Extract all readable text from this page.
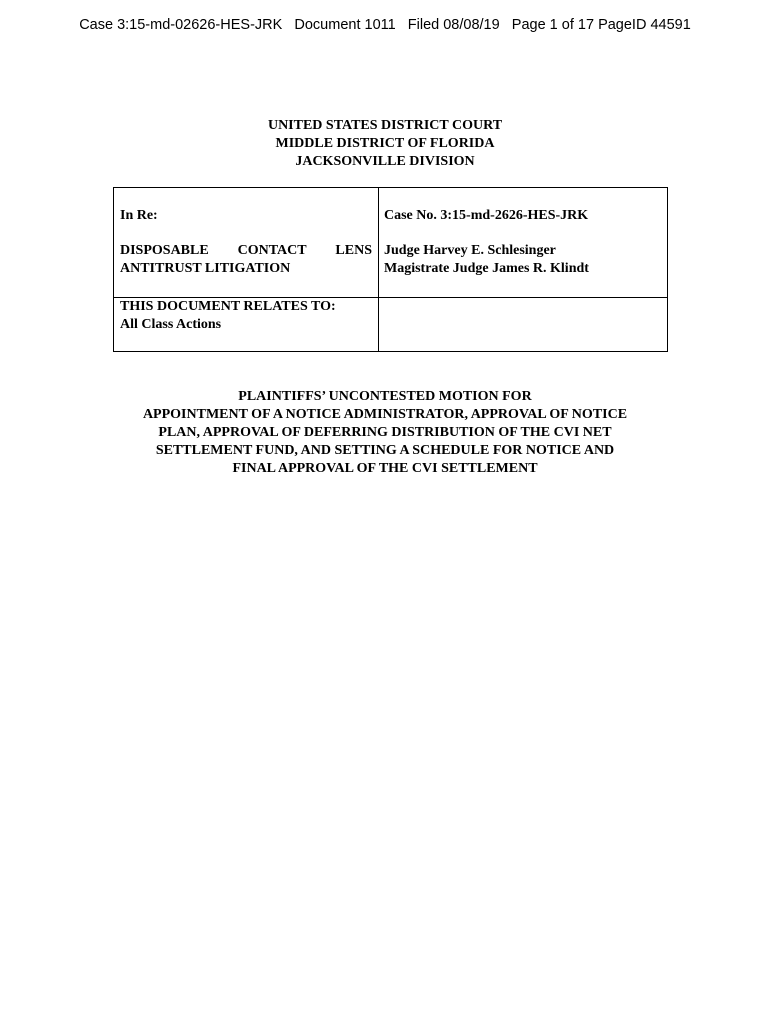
Case 3:15-md-02626-HES-JRK Document 1011 Filed 08/08/19 Page 1 of 17 PageID 44591
UNITED STATES DISTRICT COURT
MIDDLE DISTRICT OF FLORIDA
JACKSONVILLE DIVISION
In Re:
DISPOSABLE CONTACT LENS
ANTITRUST LITIGATION
Case No. 3:15-md-2626-HES-JRK
Judge Harvey E. Schlesinger
Magistrate Judge James R. Klindt
THIS DOCUMENT RELATES TO:
All Class Actions
PLAINTIFFS’ UNCONTESTED MOTION FOR
APPOINTMENT OF A NOTICE ADMINISTRATOR, APPROVAL OF NOTICE
PLAN, APPROVAL OF DEFERRING DISTRIBUTION OF THE CVI NET
SETTLEMENT FUND, AND SETTING A SCHEDULE FOR NOTICE AND
FINAL APPROVAL OF THE CVI SETTLEMENT
